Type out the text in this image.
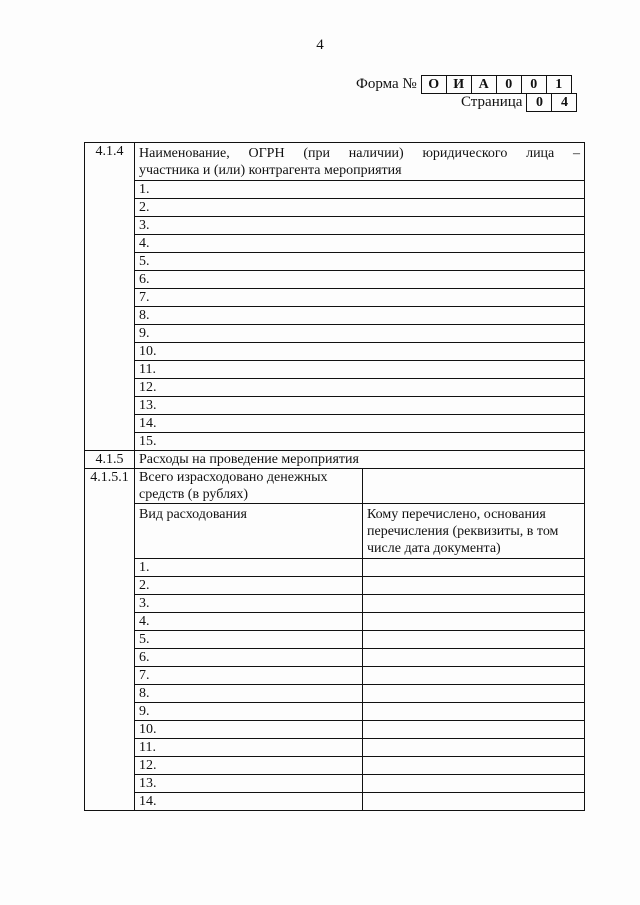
4
Форма № О	И	А	0	0	1
Страница 0	4
4.1.4	Наименование, ОГРН (при наличии) юридического лица –
участника и (или) контрагента мероприятия	

	1.	
	2.	
	3.	
	4.	
	5.	
	6.	
	7.	
	8.	
	9.	
	10.	
	11.	
	12.	
	13.	
	14.	
	15.	
4.1.5	Расходы на проведение мероприятия	
4.1.5.1	Всего израсходовано денежных
средств (в рублях)	

	Вид расходования	Кому перечислено, основания
перечисления (реквизиты, в том
числе дата документа)

	1.	
	2.	
	3.	
	4.	
	5.	
	6.	
	7.	
	8.	
	9.	
	10.	
	11.	
	12.	
	13.	
	14.	
